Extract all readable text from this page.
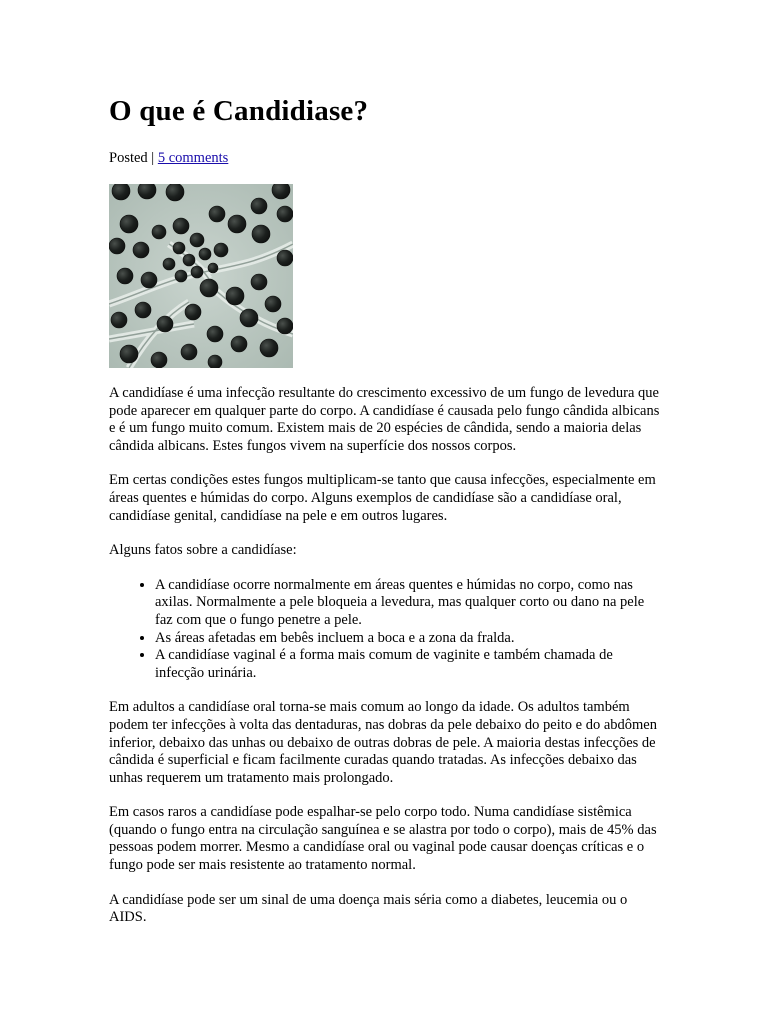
O que é Candidiase?
Posted | 5 comments

A candidíase é uma infecção resultante do crescimento excessivo de um fungo de levedura que pode aparecer em qualquer parte do corpo. A candidíase é causada pelo fungo cândida albicans e é um fungo muito comum. Existem mais de 20 espécies de cândida, sendo a maioria delas cândida albicans. Estes fungos vivem na superfície dos nossos corpos.

Em certas condições estes fungos multiplicam-se tanto que causa infecções, especialmente em áreas quentes e húmidas do corpo. Alguns exemplos de candidíase são a candidíase oral, candidíase genital, candidíase na pele e em outros lugares.

Alguns fatos sobre a candidíase:

• A candidíase ocorre normalmente em áreas quentes e húmidas no corpo, como nas axilas. Normalmente a pele bloqueia a levedura, mas qualquer corto ou dano na pele faz com que o fungo penetre a pele.
• As áreas afetadas em bebês incluem a boca e a zona da fralda.
• A candidíase vaginal é a forma mais comum de vaginite e também chamada de infecção urinária.

Em adultos a candidíase oral torna-se mais comum ao longo da idade. Os adultos também podem ter infecções à volta das dentaduras, nas dobras da pele debaixo do peito e do abdômen inferior, debaixo das unhas ou debaixo de outras dobras de pele. A maioria destas infecções de cândida é superficial e ficam facilmente curadas quando tratadas. As infecções debaixo das unhas requerem um tratamento mais prolongado.

Em casos raros a candidíase pode espalhar-se pelo corpo todo. Numa candidíase sistêmica (quando o fungo entra na circulação sanguínea e se alastra por todo o corpo), mais de 45% das pessoas podem morrer. Mesmo a candidíase oral ou vaginal pode causar doenças críticas e o fungo pode ser mais resistente ao tratamento normal.

A candidíase pode ser um sinal de uma doença mais séria como a diabetes, leucemia ou o AIDS.
